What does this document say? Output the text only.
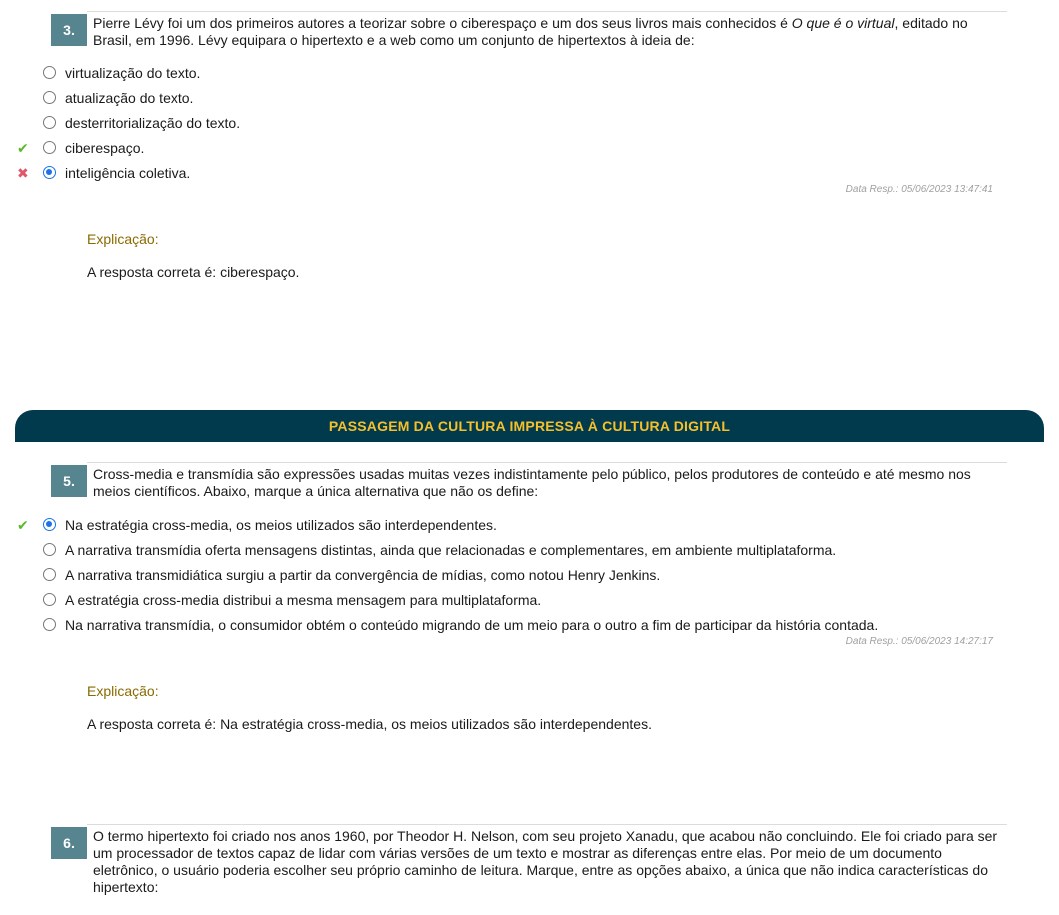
3.	Pierre Lévy foi um dos primeiros autores a teorizar sobre o ciberespaço e um dos seus livros mais conhecidos é O que é o virtual, editado no Brasil, em 1996. Lévy equipara o hipertexto e a web como um conjunto de hipertextos à ideia de:
virtualização do texto.
atualização do texto.
desterritorialização do texto.
✔	ciberespaço.
✖	inteligência coletiva.
Data Resp.: 05/06/2023 13:47:41
Explicação:
A resposta correta é: ciberespaço.
PASSAGEM DA CULTURA IMPRESSA À CULTURA DIGITAL
5.	Cross-media e transmídia são expressões usadas muitas vezes indistintamente pelo público, pelos produtores de conteúdo e até mesmo nos meios científicos. Abaixo, marque a única alternativa que não os define:
✔	Na estratégia cross-media, os meios utilizados são interdependentes.
A narrativa transmídia oferta mensagens distintas, ainda que relacionadas e complementares, em ambiente multiplataforma.
A narrativa transmidiática surgiu a partir da convergência de mídias, como notou Henry Jenkins.
A estratégia cross-media distribui a mesma mensagem para multiplataforma.
Na narrativa transmídia, o consumidor obtém o conteúdo migrando de um meio para o outro a fim de participar da história contada.
Data Resp.: 05/06/2023 14:27:17
Explicação:
A resposta correta é: Na estratégia cross-media, os meios utilizados são interdependentes.
6.	O termo hipertexto foi criado nos anos 1960, por Theodor H. Nelson, com seu projeto Xanadu, que acabou não concluindo. Ele foi criado para ser um processador de textos capaz de lidar com várias versões de um texto e mostrar as diferenças entre elas. Por meio de um documento eletrônico, o usuário poderia escolher seu próprio caminho de leitura. Marque, entre as opções abaixo, a única que não indica características do hipertexto:
